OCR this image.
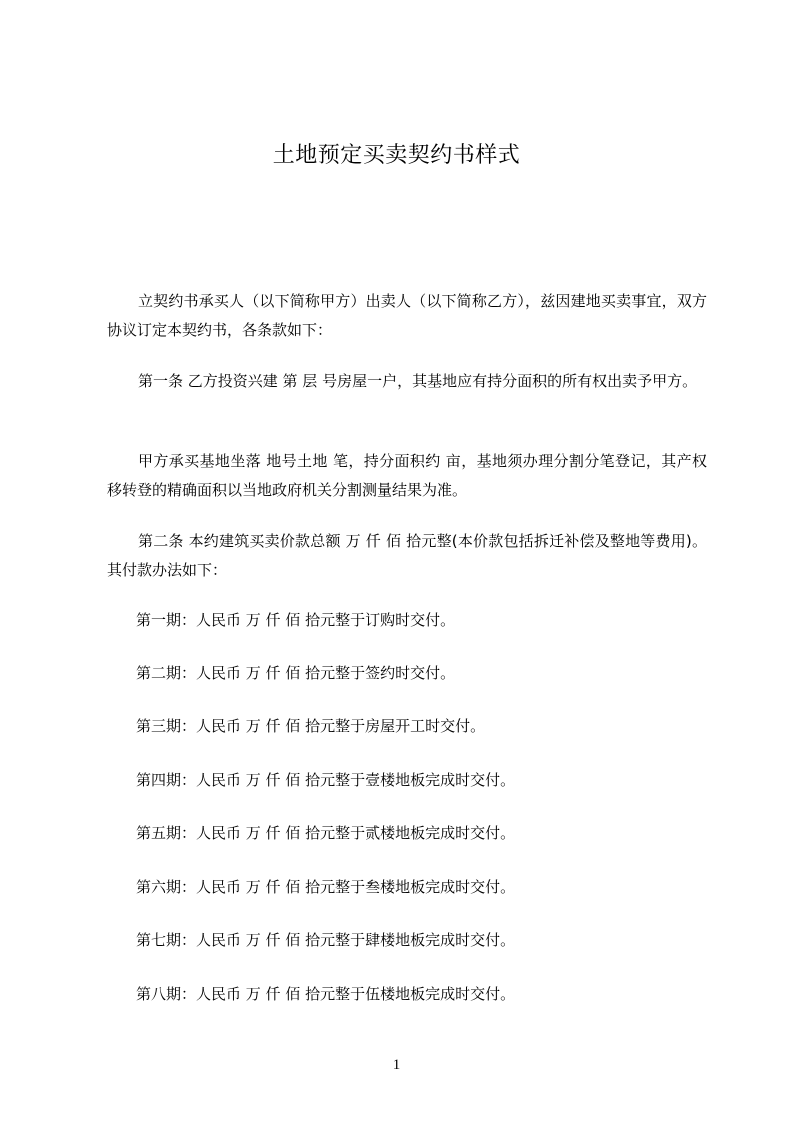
土地预定买卖契约书样式

立契约书承买人（以下简称甲方）出卖人（以下简称乙方），兹因建地买卖事宜，双方协议订定本契约书，各条款如下：

第一条 乙方投资兴建 第 层 号房屋一户，其基地应有持分面积的所有权出卖予甲方。

甲方承买基地坐落 地号土地 笔，持分面积约 亩，基地须办理分割分笔登记，其产权移转登的精确面积以当地政府机关分割测量结果为准。

第二条 本约建筑买卖价款总额 万 仟 佰 拾元整(本价款包括拆迁补偿及整地等费用)。其付款办法如下：

第一期：人民币 万 仟 佰 拾元整于订购时交付。

第二期：人民币 万 仟 佰 拾元整于签约时交付。

第三期：人民币 万 仟 佰 拾元整于房屋开工时交付。

第四期：人民币 万 仟 佰 拾元整于壹楼地板完成时交付。

第五期：人民币 万 仟 佰 拾元整于贰楼地板完成时交付。

第六期：人民币 万 仟 佰 拾元整于叁楼地板完成时交付。

第七期：人民币 万 仟 佰 拾元整于肆楼地板完成时交付。

第八期：人民币 万 仟 佰 拾元整于伍楼地板完成时交付。

1
